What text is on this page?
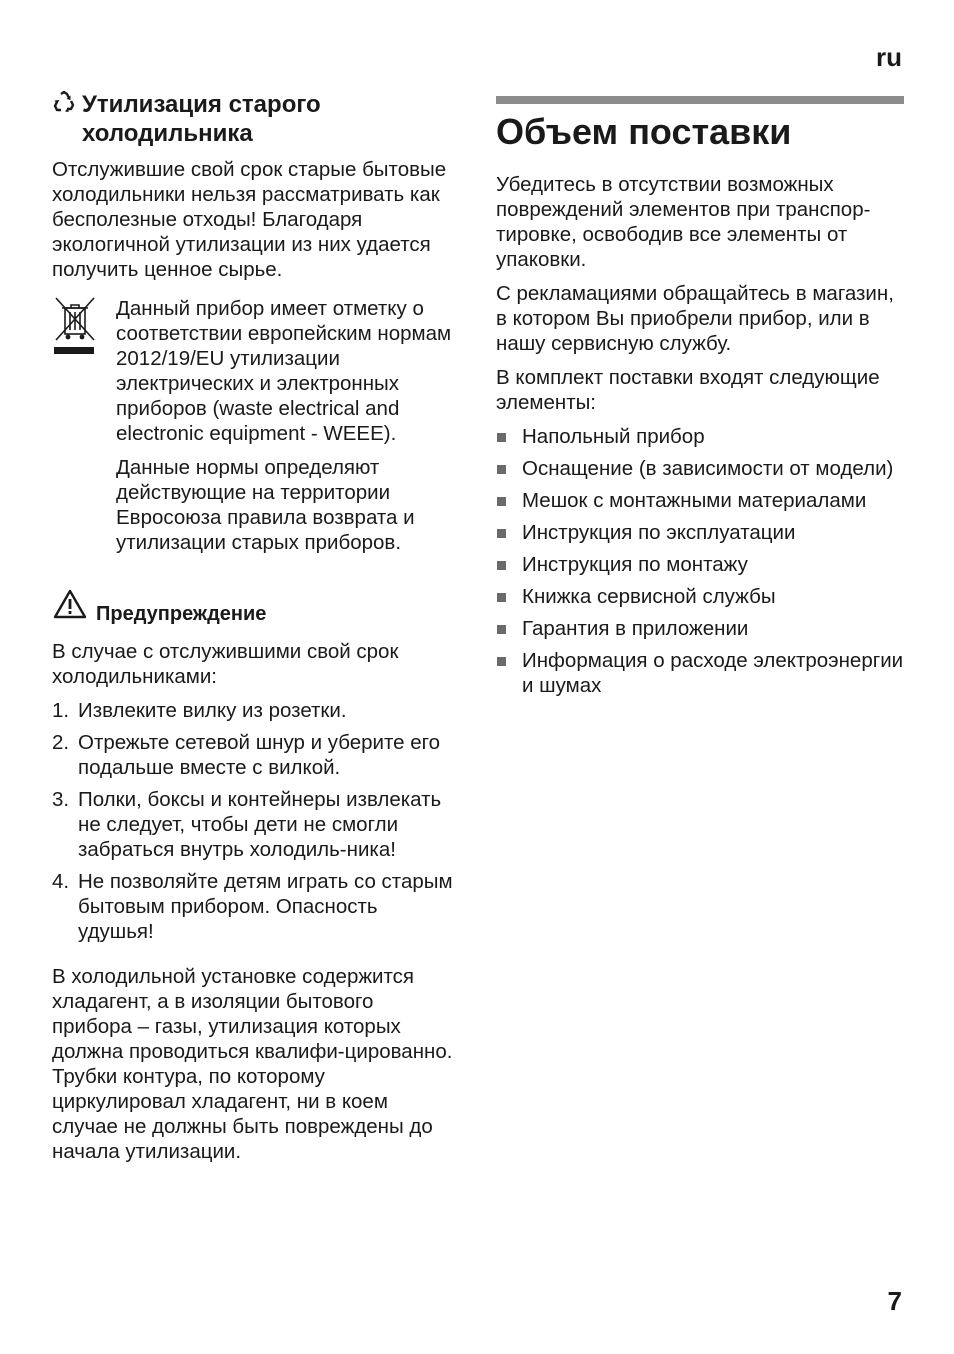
ru
Утилизация старого
холодильника

Отслужившие свой срок старые бытовые холодильники нельзя рассматривать как бесполезные отходы! Благодаря экологичной утилизации из них удается получить ценное сырье.

Данный прибор имеет отметку о соответствии европейским нормам 2012/19/EU утилизации электрических и электронных приборов (waste electrical and electronic equipment - WEEE).

Данные нормы определяют действующие на территории Евросоюза правила возврата и утилизации старых приборов.

Предупреждение

В случае с отслужившими свой срок холодильниками:

1. Извлеките вилку из розетки.
2. Отрежьте сетевой шнур и уберите его подальше вместе с вилкой.
3. Полки, боксы и контейнеры извлекать не следует, чтобы дети не смогли забраться внутрь холодиль-ника!
4. Не позволяйте детям играть со старым бытовым прибором. Опасность удушья!

В холодильной установке содержится хладагент, а в изоляции бытового прибора – газы, утилизация которых должна проводиться квалифи-цированно. Трубки контура, по которому циркулировал хладагент, ни в коем случае не должны быть повреждены до начала утилизации.

Объем поставки

Убедитесь в отсутствии возможных повреждений элементов при транспор-тировке, освободив все элементы от упаковки.

С рекламациями обращайтесь в магазин, в котором Вы приобрели прибор, или в нашу сервисную службу.

В комплект поставки входят следующие элементы:

Напольный прибор
Оснащение (в зависимости от модели)
Мешок с монтажными материалами
Инструкция по эксплуатации
Инструкция по монтажу
Книжка сервисной службы
Гарантия в приложении
Информация о расходе электроэнергии и шумах
7
